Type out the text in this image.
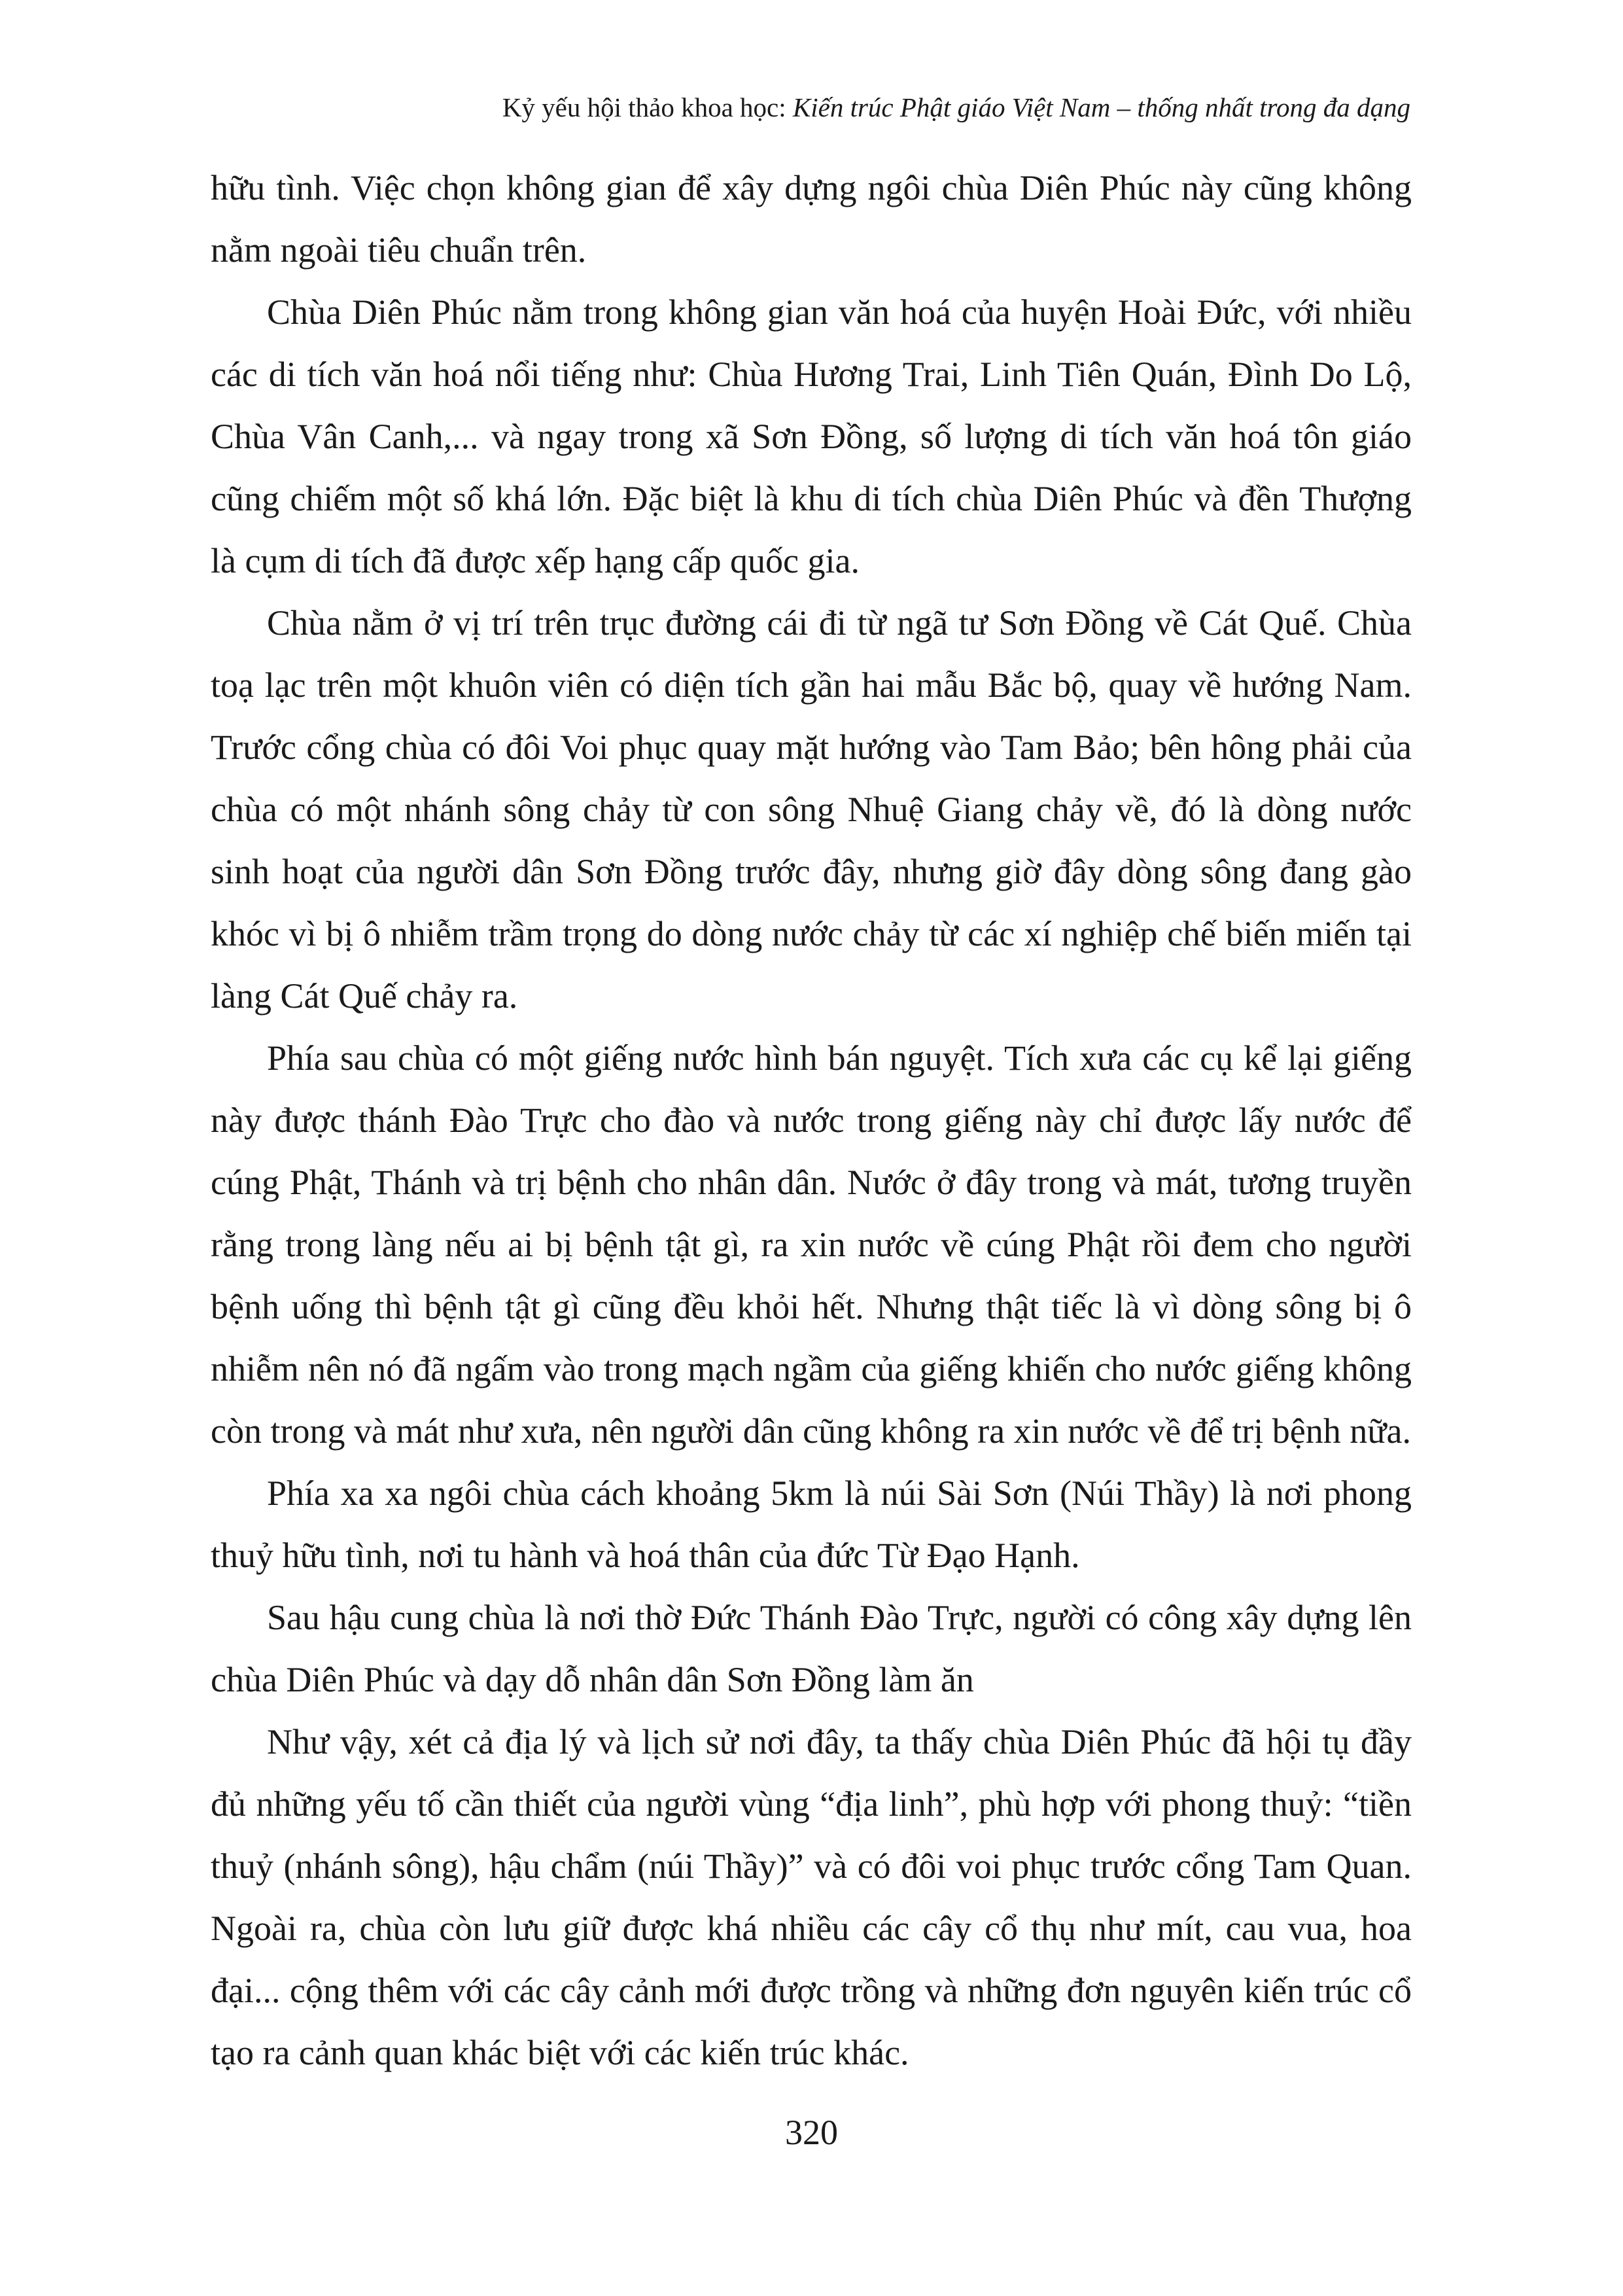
Kỷ yếu hội thảo khoa học: Kiến trúc Phật giáo Việt Nam – thống nhất trong đa dạng

hữu tình. Việc chọn không gian để xây dựng ngôi chùa Diên Phúc này cũng không nằm ngoài tiêu chuẩn trên.

Chùa Diên Phúc nằm trong không gian văn hoá của huyện Hoài Đức, với nhiều các di tích văn hoá nổi tiếng như: Chùa Hương Trai, Linh Tiên Quán, Đình Do Lộ, Chùa Vân Canh,... và ngay trong xã Sơn Đồng, số lượng di tích văn hoá tôn giáo cũng chiếm một số khá lớn. Đặc biệt là khu di tích chùa Diên Phúc và đền Thượng là cụm di tích đã được xếp hạng cấp quốc gia.

Chùa nằm ở vị trí trên trục đường cái đi từ ngã tư Sơn Đồng về Cát Quế. Chùa toạ lạc trên một khuôn viên có diện tích gần hai mẫu Bắc bộ, quay về hướng Nam. Trước cổng chùa có đôi Voi phục quay mặt hướng vào Tam Bảo; bên hông phải của chùa có một nhánh sông chảy từ con sông Nhuệ Giang chảy về, đó là dòng nước sinh hoạt của người dân Sơn Đồng trước đây, nhưng giờ đây dòng sông đang gào khóc vì bị ô nhiễm trầm trọng do dòng nước chảy từ các xí nghiệp chế biến miến tại làng Cát Quế chảy ra.

Phía sau chùa có một giếng nước hình bán nguyệt. Tích xưa các cụ kể lại giếng này được thánh Đào Trực cho đào và nước trong giếng này chỉ được lấy nước để cúng Phật, Thánh và trị bệnh cho nhân dân. Nước ở đây trong và mát, tương truyền rằng trong làng nếu ai bị bệnh tật gì, ra xin nước về cúng Phật rồi đem cho người bệnh uống thì bệnh tật gì cũng đều khỏi hết. Nhưng thật tiếc là vì dòng sông bị ô nhiễm nên nó đã ngấm vào trong mạch ngầm của giếng khiến cho nước giếng không còn trong và mát như xưa, nên người dân cũng không ra xin nước về để trị bệnh nữa.

Phía xa xa ngôi chùa cách khoảng 5km là núi Sài Sơn (Núi Thầy) là nơi phong thuỷ hữu tình, nơi tu hành và hoá thân của đức Từ Đạo Hạnh.

Sau hậu cung chùa là nơi thờ Đức Thánh Đào Trực, người có công xây dựng lên chùa Diên Phúc và dạy dỗ nhân dân Sơn Đồng làm ăn

Như vậy, xét cả địa lý và lịch sử nơi đây, ta thấy chùa Diên Phúc đã hội tụ đầy đủ những yếu tố cần thiết của người vùng “địa linh”, phù hợp với phong thuỷ: “tiền thuỷ (nhánh sông), hậu chẩm (núi Thầy)” và có đôi voi phục trước cổng Tam Quan. Ngoài ra, chùa còn lưu giữ được khá nhiều các cây cổ thụ như mít, cau vua, hoa đại... cộng thêm với các cây cảnh mới được trồng và những đơn nguyên kiến trúc cổ tạo ra cảnh quan khác biệt với các kiến trúc khác.

320
